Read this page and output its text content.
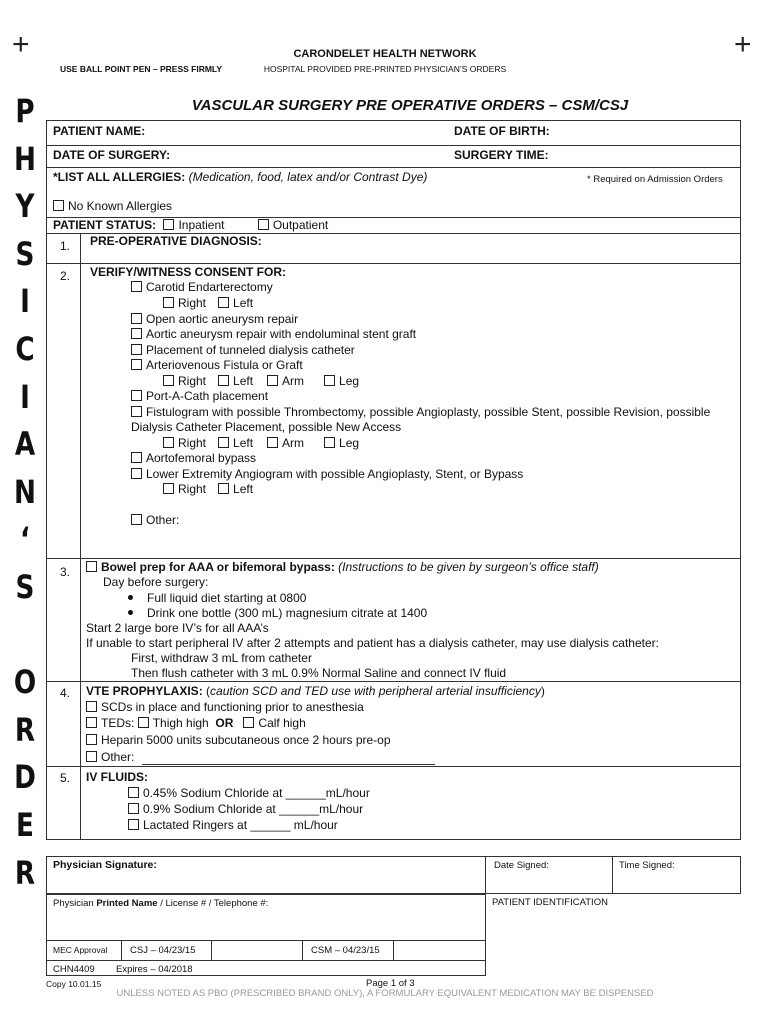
+	+
CARONDELET HEALTH NETWORK
HOSPITAL PROVIDED PRE-PRINTED PHYSICIAN’S ORDERS
USE BALL POINT PEN – PRESS FIRMLY
P
H
Y
S
I
C
I
A
N
‘
S

O
R
D
E
R
VASCULAR SURGERY PRE OPERATIVE ORDERS – CSM/CSJ
PATIENT NAME:	DATE OF BIRTH:
DATE OF SURGERY:	SURGERY TIME:
*LIST ALL ALLERGIES: (Medication, food, latex and/or Contrast Dye)	* Required on Admission Orders
No Known Allergies
PATIENT STATUS: Inpatient	Outpatient
1. PRE-OPERATIVE DIAGNOSIS:
2. VERIFY/WITNESS CONSENT FOR:
Carotid Endarterectomy
Right Left
Open aortic aneurysm repair
Aortic aneurysm repair with endoluminal stent graft
Placement of tunneled dialysis catheter
Arteriovenous Fistula or Graft
Right Left Arm	Leg
Port-A-Cath placement
Fistulogram with possible Thrombectomy, possible Angioplasty, possible Stent, possible Revision, possible
Dialysis Catheter Placement, possible New Access
Right Left Arm	Leg
Aortofemoral bypass
Lower Extremity Angiogram with possible Angioplasty, Stent, or Bypass
Right Left
Other:
3.	Bowel prep for AAA or bifemoral bypass: (Instructions to be given by surgeon’s office staff)
Day before surgery:
Full liquid diet starting at 0800
Drink one bottle (300 mL) magnesium citrate at 1400
Start 2 large bore IV’s for all AAA’s
If unable to start peripheral IV after 2 attempts and patient has a dialysis catheter, may use dialysis catheter:
First, withdraw 3 mL from catheter
Then flush catheter with 3 mL 0.9% Normal Saline and connect IV fluid
4. VTE PROPHYLAXIS: (caution SCD and TED use with peripheral arterial insufficiency)
SCDs in place and functioning prior to anesthesia
TEDs: Thigh high OR Calf high
Heparin 5000 units subcutaneous once 2 hours pre-op
Other:
5. IV FLUIDS:
0.45% Sodium Chloride at ______mL/hour
0.9% Sodium Chloride at ______mL/hour
Lactated Ringers at ______ mL/hour
Physician Signature:	Date Signed:	Time Signed:
Physician Printed Name / License # / Telephone #:	PATIENT IDENTIFICATION
MEC Approval CSJ – 04/23/15	CSM – 04/23/15
CHN4409 Expires – 04/2018
Copy 10.01.15	Page 1 of 3
UNLESS NOTED AS PBO (PRESCRIBED BRAND ONLY), A FORMULARY EQUIVALENT MEDICATION MAY BE DISPENSED
